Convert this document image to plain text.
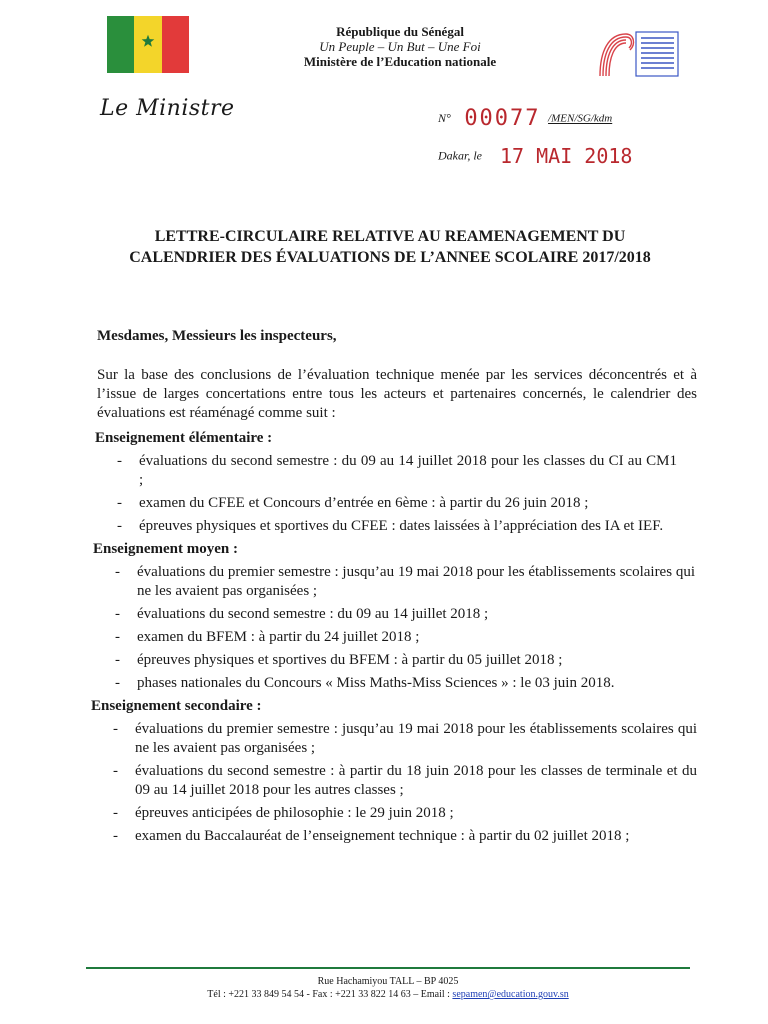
République du Sénégal
Un Peuple – Un But – Une Foi
Ministère de l’Education nationale
Le Ministre	N° 00077 /MEN/SG/kdm
Dakar, le 17 MAI 2018
LETTRE-CIRCULAIRE RELATIVE AU REAMENAGEMENT DU
CALENDRIER DES ÉVALUATIONS DE L’ANNEE SCOLAIRE 2017/2018
Mesdames, Messieurs les inspecteurs,
Sur la base des conclusions de l’évaluation technique menée par les services déconcentrés et à l’issue de larges concertations entre tous les acteurs et partenaires concernés, le calendrier des évaluations est réaménagé comme suit :
Enseignement élémentaire :
- évaluations du second semestre : du 09 au 14 juillet 2018 pour les classes du CI au CM1 ;
- examen du CFEE et Concours d’entrée en 6ème : à partir du 26 juin 2018 ;
- épreuves physiques et sportives du CFEE : dates laissées à l’appréciation des IA et IEF.
Enseignement moyen :
- évaluations du premier semestre : jusqu’au 19 mai 2018 pour les établissements scolaires qui ne les avaient pas organisées ;
- évaluations du second semestre : du 09 au 14 juillet 2018 ;
- examen du BFEM : à partir du 24 juillet 2018 ;
- épreuves physiques et sportives du BFEM : à partir du 05 juillet 2018 ;
- phases nationales du Concours « Miss Maths-Miss Sciences » : le 03 juin 2018.
Enseignement secondaire :
- évaluations du premier semestre : jusqu’au 19 mai 2018 pour les établissements scolaires qui ne les avaient pas organisées ;
- évaluations du second semestre : à partir du 18 juin 2018 pour les classes de terminale et du 09 au 14 juillet 2018 pour les autres classes ;
- épreuves anticipées de philosophie : le 29 juin 2018 ;
- examen du Baccalauréat de l’enseignement technique : à partir du 02 juillet 2018 ;
Rue Hachamiyou TALL – BP 4025
Tél : +221 33 849 54 54 - Fax : +221 33 822 14 63 – Email : sepamen@education.gouv.sn
